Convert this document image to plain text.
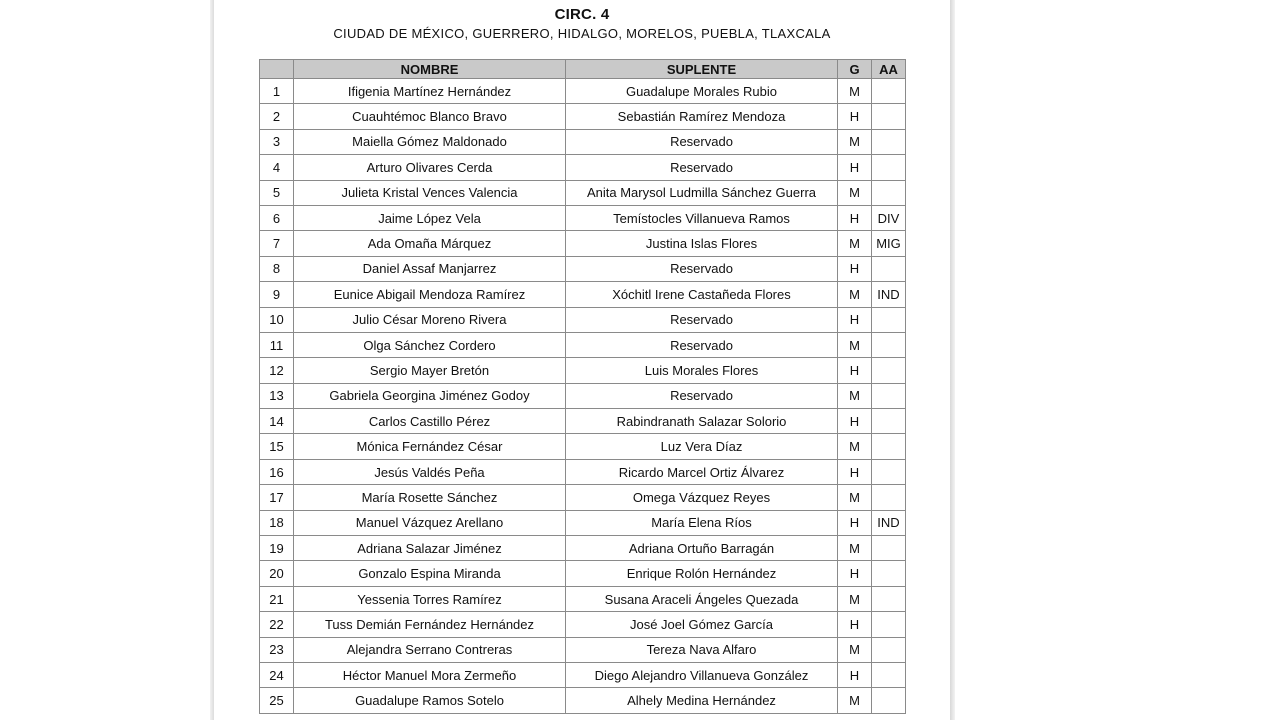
CIRC. 4
CIUDAD DE MÉXICO, GUERRERO, HIDALGO, MORELOS, PUEBLA, TLAXCALA
	NOMBRE	SUPLENTE	G	AA
1	Ifigenia Martínez Hernández	Guadalupe Morales Rubio	M	
2	Cuauhtémoc Blanco Bravo	Sebastián Ramírez Mendoza	H	
3	Maiella Gómez Maldonado	Reservado	M	
4	Arturo Olivares Cerda	Reservado	H	
5	Julieta Kristal Vences Valencia	Anita Marysol Ludmilla Sánchez Guerra	M	
6	Jaime López Vela	Temístocles Villanueva Ramos	H	DIV
7	Ada Omaña Márquez	Justina Islas Flores	M	MIG
8	Daniel Assaf Manjarrez	Reservado	H	
9	Eunice Abigail Mendoza Ramírez	Xóchitl Irene Castañeda Flores	M	IND
10	Julio César Moreno Rivera	Reservado	H	
11	Olga Sánchez Cordero	Reservado	M	
12	Sergio Mayer Bretón	Luis Morales Flores	H	
13	Gabriela Georgina Jiménez Godoy	Reservado	M	
14	Carlos Castillo Pérez	Rabindranath Salazar Solorio	H	
15	Mónica Fernández César	Luz Vera Díaz	M	
16	Jesús Valdés Peña	Ricardo Marcel Ortiz Álvarez	H	
17	María Rosette Sánchez	Omega Vázquez Reyes	M	
18	Manuel Vázquez Arellano	María Elena Ríos	H	IND
19	Adriana Salazar Jiménez	Adriana Ortuño Barragán	M	
20	Gonzalo Espina Miranda	Enrique Rolón Hernández	H	
21	Yessenia Torres Ramírez	Susana Araceli Ángeles Quezada	M	
22	Tuss Demián Fernández Hernández	José Joel Gómez García	H	
23	Alejandra Serrano Contreras	Tereza Nava Alfaro	M	
24	Héctor Manuel Mora Zermeño	Diego Alejandro Villanueva González	H	
25	Guadalupe Ramos Sotelo	Alhely Medina Hernández	M	
